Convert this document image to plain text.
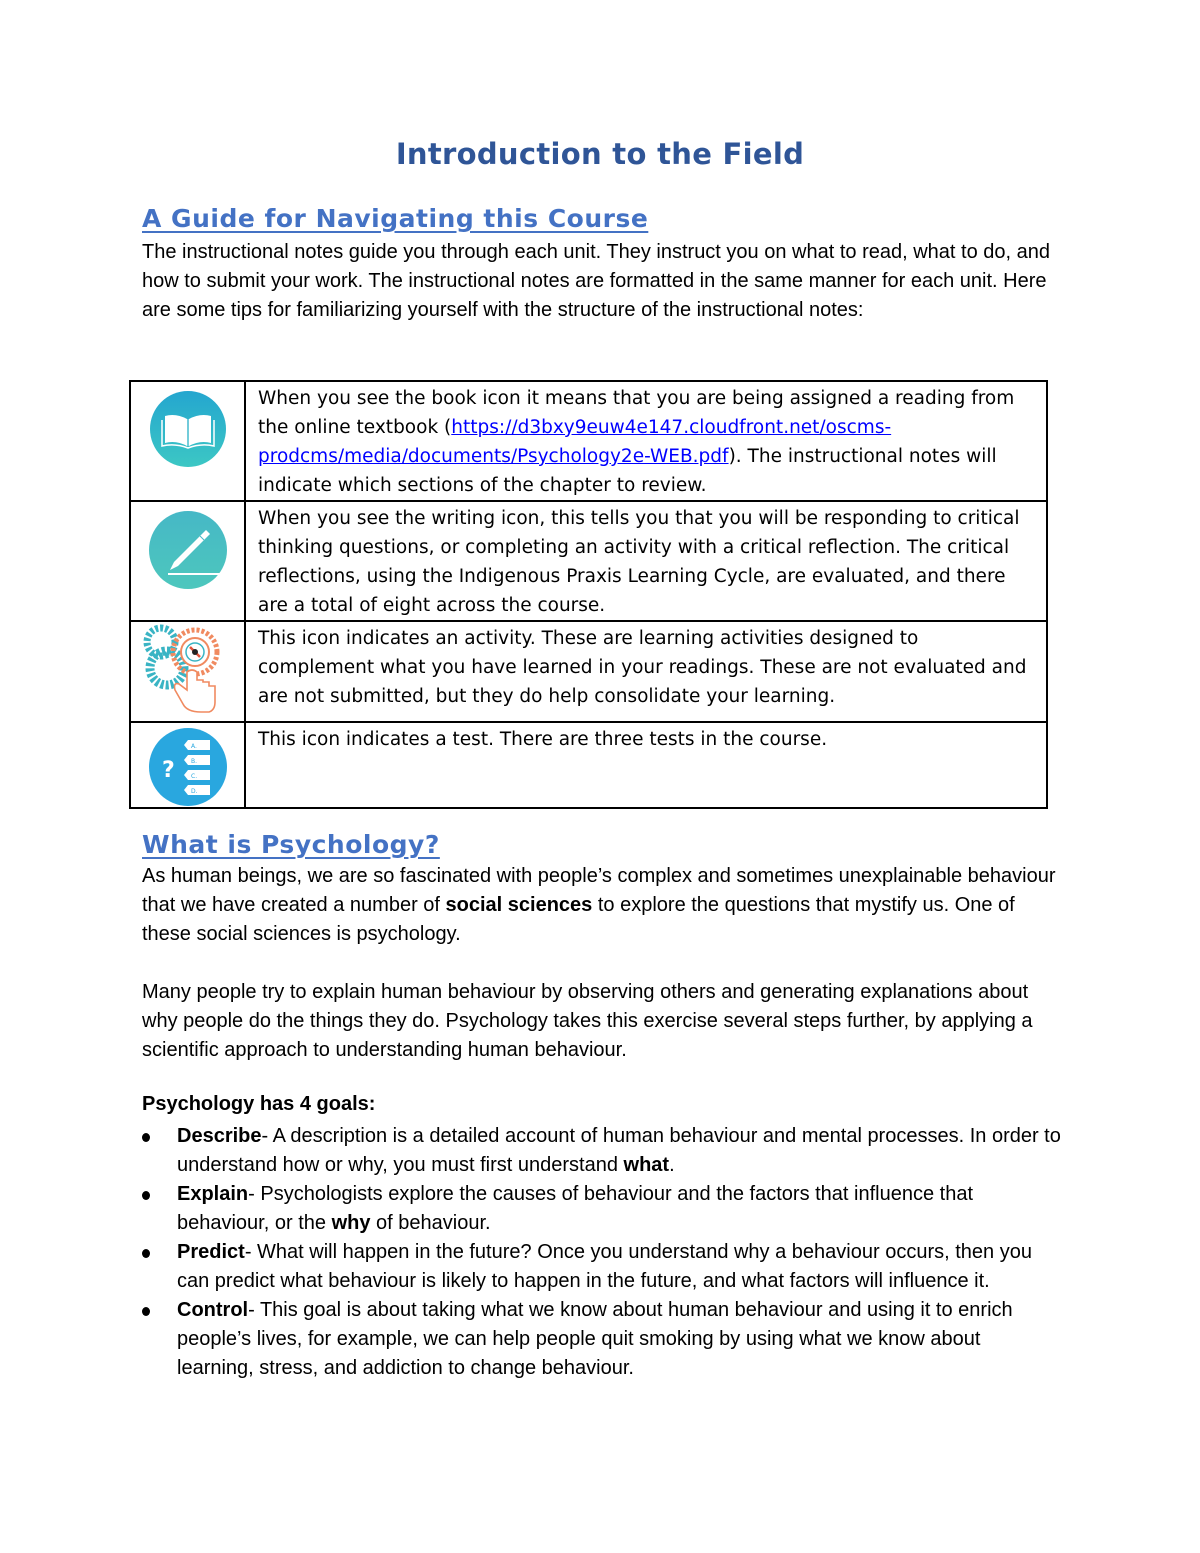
Introduction to the Field
A Guide for Navigating this Course

The instructional notes guide you through each unit. They instruct you on what to read, what to do, and how to submit your work. The instructional notes are formatted in the same manner for each unit. Here are some tips for familiarizing yourself with the structure of the instructional notes:

	When you see the book icon it means that you are being assigned a reading from the online textbook (https://d3bxy9euw4e147.cloudfront.net/oscms-prodcms/media/documents/Psychology2e-WEB.pdf). The instructional notes will indicate which sections of the chapter to review.

	When you see the writing icon, this tells you that you will be responding to critical thinking questions, or completing an activity with a critical reflection. The critical reflections, using the Indigenous Praxis Learning Cycle, are evaluated, and there are a total of eight across the course.

	This icon indicates an activity. These are learning activities designed to complement what you have learned in your readings. These are not evaluated and are not submitted, but they do help consolidate your learning.

?
A.
B.
C.
D.	This icon indicates a test. There are three tests in the course.
What is Psychology?

As human beings, we are so fascinated with people’s complex and sometimes unexplainable behaviour that we have created a number of social sciences to explore the questions that mystify us. One of these social sciences is psychology.

Many people try to explain human behaviour by observing others and generating explanations about why people do the things they do. Psychology takes this exercise several steps further, by applying a scientific approach to understanding human behaviour.

Psychology has 4 goals:
Describe- A description is a detailed account of human behaviour and mental processes. In order to understand how or why, you must first understand what.
Explain- Psychologists explore the causes of behaviour and the factors that influence that behaviour, or the why of behaviour.
Predict- What will happen in the future? Once you understand why a behaviour occurs, then you can predict what behaviour is likely to happen in the future, and what factors will influence it.
Control- This goal is about taking what we know about human behaviour and using it to enrich people’s lives, for example, we can help people quit smoking by using what we know about learning, stress, and addiction to change behaviour.
